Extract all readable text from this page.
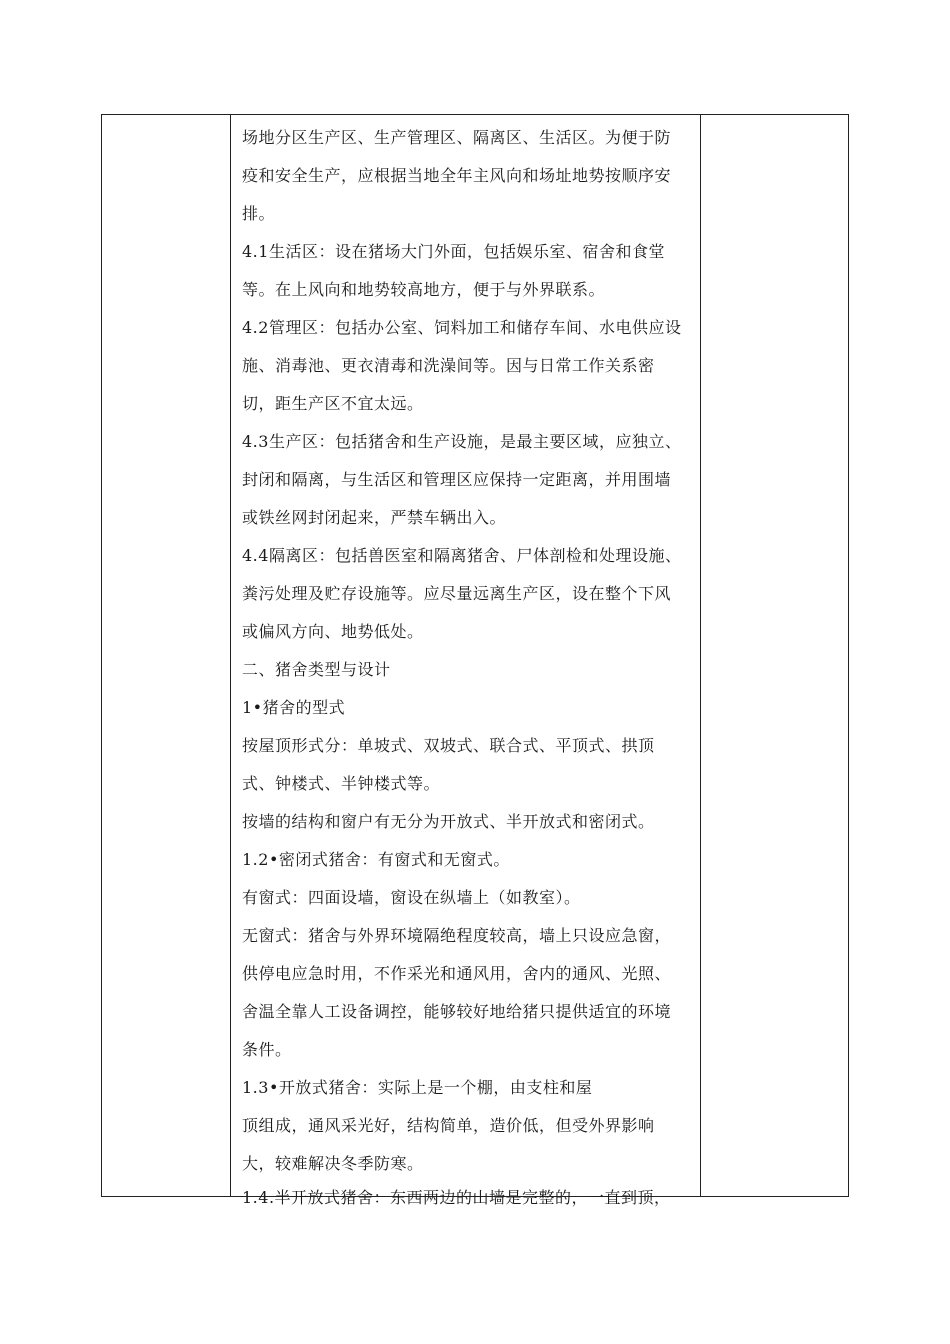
场地分区生产区、生产管理区、隔离区、生活区。为便于防
疫和安全生产，应根据当地全年主风向和场址地势按顺序安
排。
4.1生活区：设在猪场大门外面，包括娱乐室、宿舍和食堂
等。在上风向和地势较高地方，便于与外界联系。
4.2管理区：包括办公室、饲料加工和储存车间、水电供应设
施、消毒池、更衣清毒和洗澡间等。因与日常工作关系密
切，距生产区不宜太远。
4.3生产区：包括猪舍和生产设施，是最主要区域，应独立、
封闭和隔离，与生活区和管理区应保持一定距离，并用围墙
或铁丝网封闭起来，严禁车辆出入。
4.4隔离区：包括兽医室和隔离猪舍、尸体剖检和处理设施、
粪污处理及贮存设施等。应尽量远离生产区，设在整个下风
或偏风方向、地势低处。
二、猪舍类型与设计
1•猪舍的型式
按屋顶形式分：单坡式、双坡式、联合式、平顶式、拱顶
式、钟楼式、半钟楼式等。
按墙的结构和窗户有无分为开放式、半开放式和密闭式。
1.2•密闭式猪舍：有窗式和无窗式。
有窗式：四面设墙，窗设在纵墙上（如教室）。
无窗式：猪舍与外界环境隔绝程度较高，墙上只设应急窗，
供停电应急时用，不作采光和通风用，舍内的通风、光照、
舍温全靠人工设备调控，能够较好地给猪只提供适宜的环境
条件。
1.3•开放式猪舍：实际上是一个棚，由支柱和屋
顶组成，通风采光好，结构简单，造价低，但受外界影响
大，较难解决冬季防寒。
1.4.半开放式猪舍：东西两边的山墙是完整的，一直到顶，
